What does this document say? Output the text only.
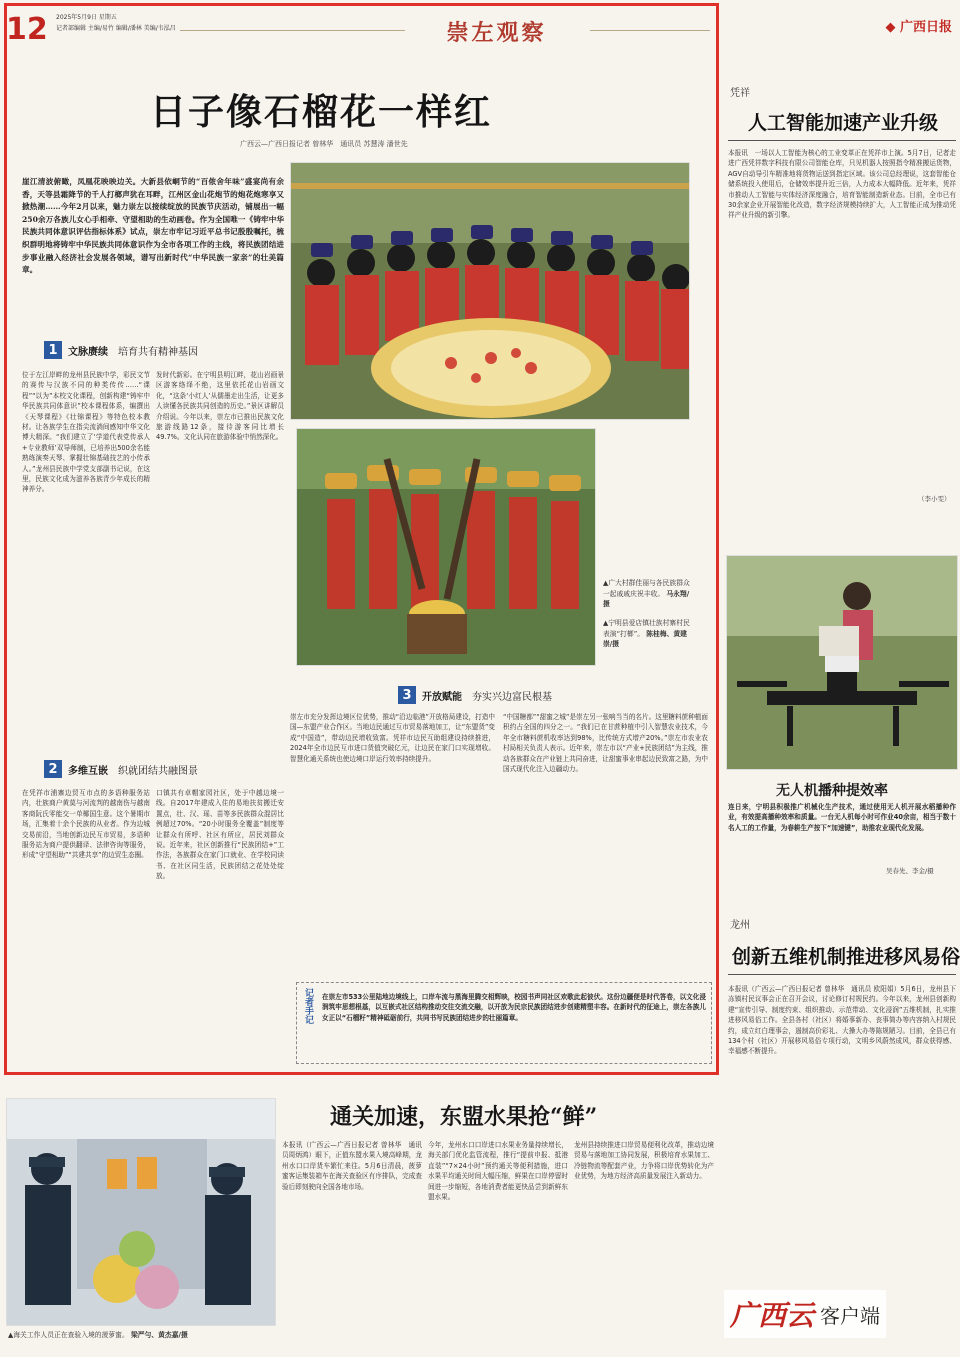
12 2025年5月9日 星期五
记者部编辑 主编/易竹 编辑/潘林 美编/韦泓昌	崇左观察	◆ 广西日报
日子像石榴花一样红
广西云—广西日报记者 曾林华　通讯员 苏慧涛 潘世先
崖江清波俯瞰，凤凰花映映边关。大新县依峒节的“百侬舍年味”盛宴尚有余香，天等县霜降节的千人打榔声犹在耳畔，江州区金山花炮节的炮花炮寒享又掀热潮……今年2月以来，魅力崇左以接续绽放的民族节庆活动，铺展出一幅250余万各族儿女心手相牵、守望相助的生动画卷。作为全国唯一《铸牢中华民族共同体意识评估指标体系》试点，崇左市牢记习近平总书记殷殷嘱托，梳织群明地将铸牢中华民族共同体意识作为全市各项工作的主线，将民族团结进步事业融入经济社会发展各领域，谱写出新时代“中华民族一家亲”的壮美篇章。
1	文脉赓续	培育共有精神基因
位于左江岸畔的龙州县民族中学，彩民文节的赛传与汉族不同的种类传传……“课程”“以为”本校文化课程，创新构建“铸牢中华民族共同体意识”校本课程体系，编撰出《天琴课程》《壮锦课程》等特色校本教材。让各族学生在指尖流淌间感知中华文化博大精深。“我们建立了‘学道代表党传承人+专业教师’双导师制，已培养出500余名能熟练演奏天琴、掌握壮锦基础技艺的小传承人。”龙州县民族中学党支部副书记说，在这里，民族文化成为滋养各族青少年成长的精神养分。
发时代新彩。在宁明县明江畔，花山岩画景区游客络绎不绝，这里依托花山岩画文化，“这条‘小红人’从儒墨走出生活，让更多人读懂各民族共同创造的历史。”景区讲解员介绍说。今年以来，崇左市已推出民族文化旅游线路12条，接待游客同比增长49.7%。文化认同在旅游体验中悄然深化。
2	多维互嵌	织就团结共融图景
在凭祥市浦寨边贸互市点的多语种服务站内，壮族商户黄莫与河流判的越南伤与越南客商阮氏零能交一单椰国生意。这个暑期市场，汇集着十余个民族的从业者。作为边城交易前沿，当地创新边民互市贸易，多语种服务站为商户提供翻译、法律咨询等服务，形成“守望相助”“共建共享”的边贸生态圈。
口镇共有卓帽家园社区，处于中越边境一线。自2017年建成入住的易地扶贫搬迁安置点，壮、汉、瑶、苗等多民族群众混居比例超过70%。“20小时服务全覆盖”制度等让群众有所呼、社区有所应，居民刘群众说。近年来，社区创新推行“民族团结+”工作法，各族群众在家门口就业、在学校同读书、在社区同生活，民族团结之花处处绽放。
▲广大村群佳丽与各民族群众一起戚戚庆祝丰收。 马永翔/摄
▲宁明县爱店镇壮族村寨村民表演“打榔”。 陈桂梅、黄建崇/摄
3	开放赋能	夯实兴边富民根基
崇左市充分发挥边境区位优势，推动“沿边临港”开放格局建设，打造中国—东盟产业合作区。当地边民通过互市贸易落地加工，让“东盟货”变成“中国造”，带动边民增收致富。凭祥市边民互助组建设持续推进，2024年全市边民互市进口货值突破亿元，让边民在家门口实现增收。智慧化通关系统也使边境口岸运行效率持续提升。
“中国糖都”“甜蜜之城”是崇左另一张响当当的名片。这里糖料蔗种植面积约占全国的四分之一。“我们已在甘蔗种植中引入智慧农业技术，今年全市糖料蔗机收率达到98%，比传统方式增产20%。”崇左市农业农村局相关负责人表示。近年来，崇左市以“产业+民族团结”为主线，推动各族群众在产业链上共同奋进，让甜蜜事业串起边民致富之路，为中国式现代化注入边疆动力。
记者手记 在崇左市533公里陆地边境线上，口岸车流与黑海里腾交相辉映，校园书声同社区欢歌此起彼伏。这份边疆便是时代答卷，以文化浸润筑牢思想根基，以互嵌式社区结构推动交往交流交融，以开放为民宗民族团结进步创建精塑丰容。在新时代的征途上，崇左各族儿女正以“石榴籽”精神砥砺前行，共同书写民族团结进步的壮丽篇章。
▲海关工作人员正在查验入境的菠萝蜜。 梁严勻、黄杰嘉/摄
通关加速，东盟水果抢“鲜”
本报讯（广西云—广西日报记者 曾林华　通讯员周炳鸿）眼下，正值东盟水果入境高峰期，龙州水口口岸货车繁忙来往。5月6日清晨，菠萝蜜客运集装箱车在海关查验区有序排队，完成查验后即刻驶向全国各地市场。
今年，龙州水口口岸进口水果业务量持续增长，海关部门优化监管流程，推行“提前申报、抵港直装”“7×24小时”预约通关等便利措施，进口水果平均通关时间大幅压缩，鲜果在口岸停留时间进一步缩短，各地消费者能更快品尝到新鲜东盟水果。
龙州县持续推进口岸贸易便利化改革，推动边境贸易与落地加工协同发展，积极培育水果加工、冷链物流等配套产业，力争将口岸优势转化为产业优势，为地方经济高质量发展注入新动力。
凭祥
人工智能加速产业升级
本报讯　一场以人工智能为核心的工业变革正在凭祥市上演。5月7日，记者走进广西凭祥数字科技有限公司智能仓库，只见机器人按照指令精准搬运货物，AGV自动导引车精准地将货物运送到指定区域。该公司总经理说，这套智能仓储系统投入使用后，仓储效率提升近三倍，人力成本大幅降低。近年来，凭祥市推动人工智能与实体经济深度融合，培育智能制造新业态。目前，全市已有30余家企业开展智能化改造，数字经济规模持续扩大，人工智能正成为推动凭祥产业升级的新引擎。
（李小雯）
无人机播种提效率
连日来，宁明县积极推广机械化生产技术，通过使用无人机开展水稻播种作业，有效提高播种效率和质量。一台无人机每小时可作业40余亩，相当于数十名人工的工作量，为春耕生产按下“加速键”，助推农业现代化发展。
吴春先、李金/摄
龙州
创新五维机制推进移风易俗
本报讯（广西云—广西日报记者 曾林华　通讯员 欧阳娟）5月6日，龙州县下冻镇村民议事会正在召开会议，讨论修订村规民约。今年以来，龙州县创新构建“宣传引导、制度约束、组织推动、示范带动、文化浸润”五维机制，扎实推进移风易俗工作。全县各村（社区）将婚事新办、丧事简办等内容纳入村规民约，成立红白理事会，遏制高价彩礼、大操大办等陈规陋习。目前，全县已有134个村（社区）开展移风易俗专项行动，文明乡风蔚然成风，群众获得感、幸福感不断提升。
广西云 客户端
